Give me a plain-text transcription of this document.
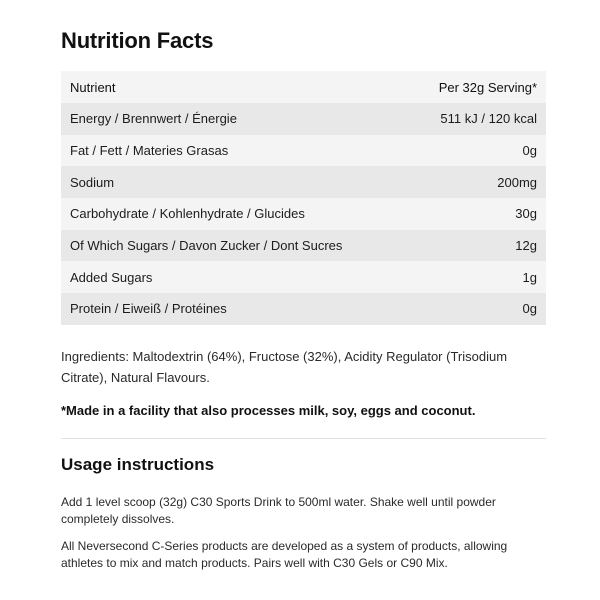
Nutrition Facts
Nutrient	Per 32g Serving*
Energy / Brennwert / Énergie	511 kJ / 120 kcal
Fat / Fett / Materies Grasas	0g
Sodium	200mg
Carbohydrate / Kohlenhydrate / Glucides	30g
Of Which Sugars / Davon Zucker / Dont Sucres	12g
Added Sugars	1g
Protein / Eiweiß / Protéines	0g

Ingredients: Maltodextrin (64%), Fructose (32%), Acidity Regulator (Trisodium Citrate), Natural Flavours.

*Made in a facility that also processes milk, soy, eggs and coconut.

Usage instructions

Add 1 level scoop (32g) C30 Sports Drink to 500ml water. Shake well until powder completely dissolves.

All Neversecond C-Series products are developed as a system of products, allowing athletes to mix and match products. Pairs well with C30 Gels or C90 Mix.
